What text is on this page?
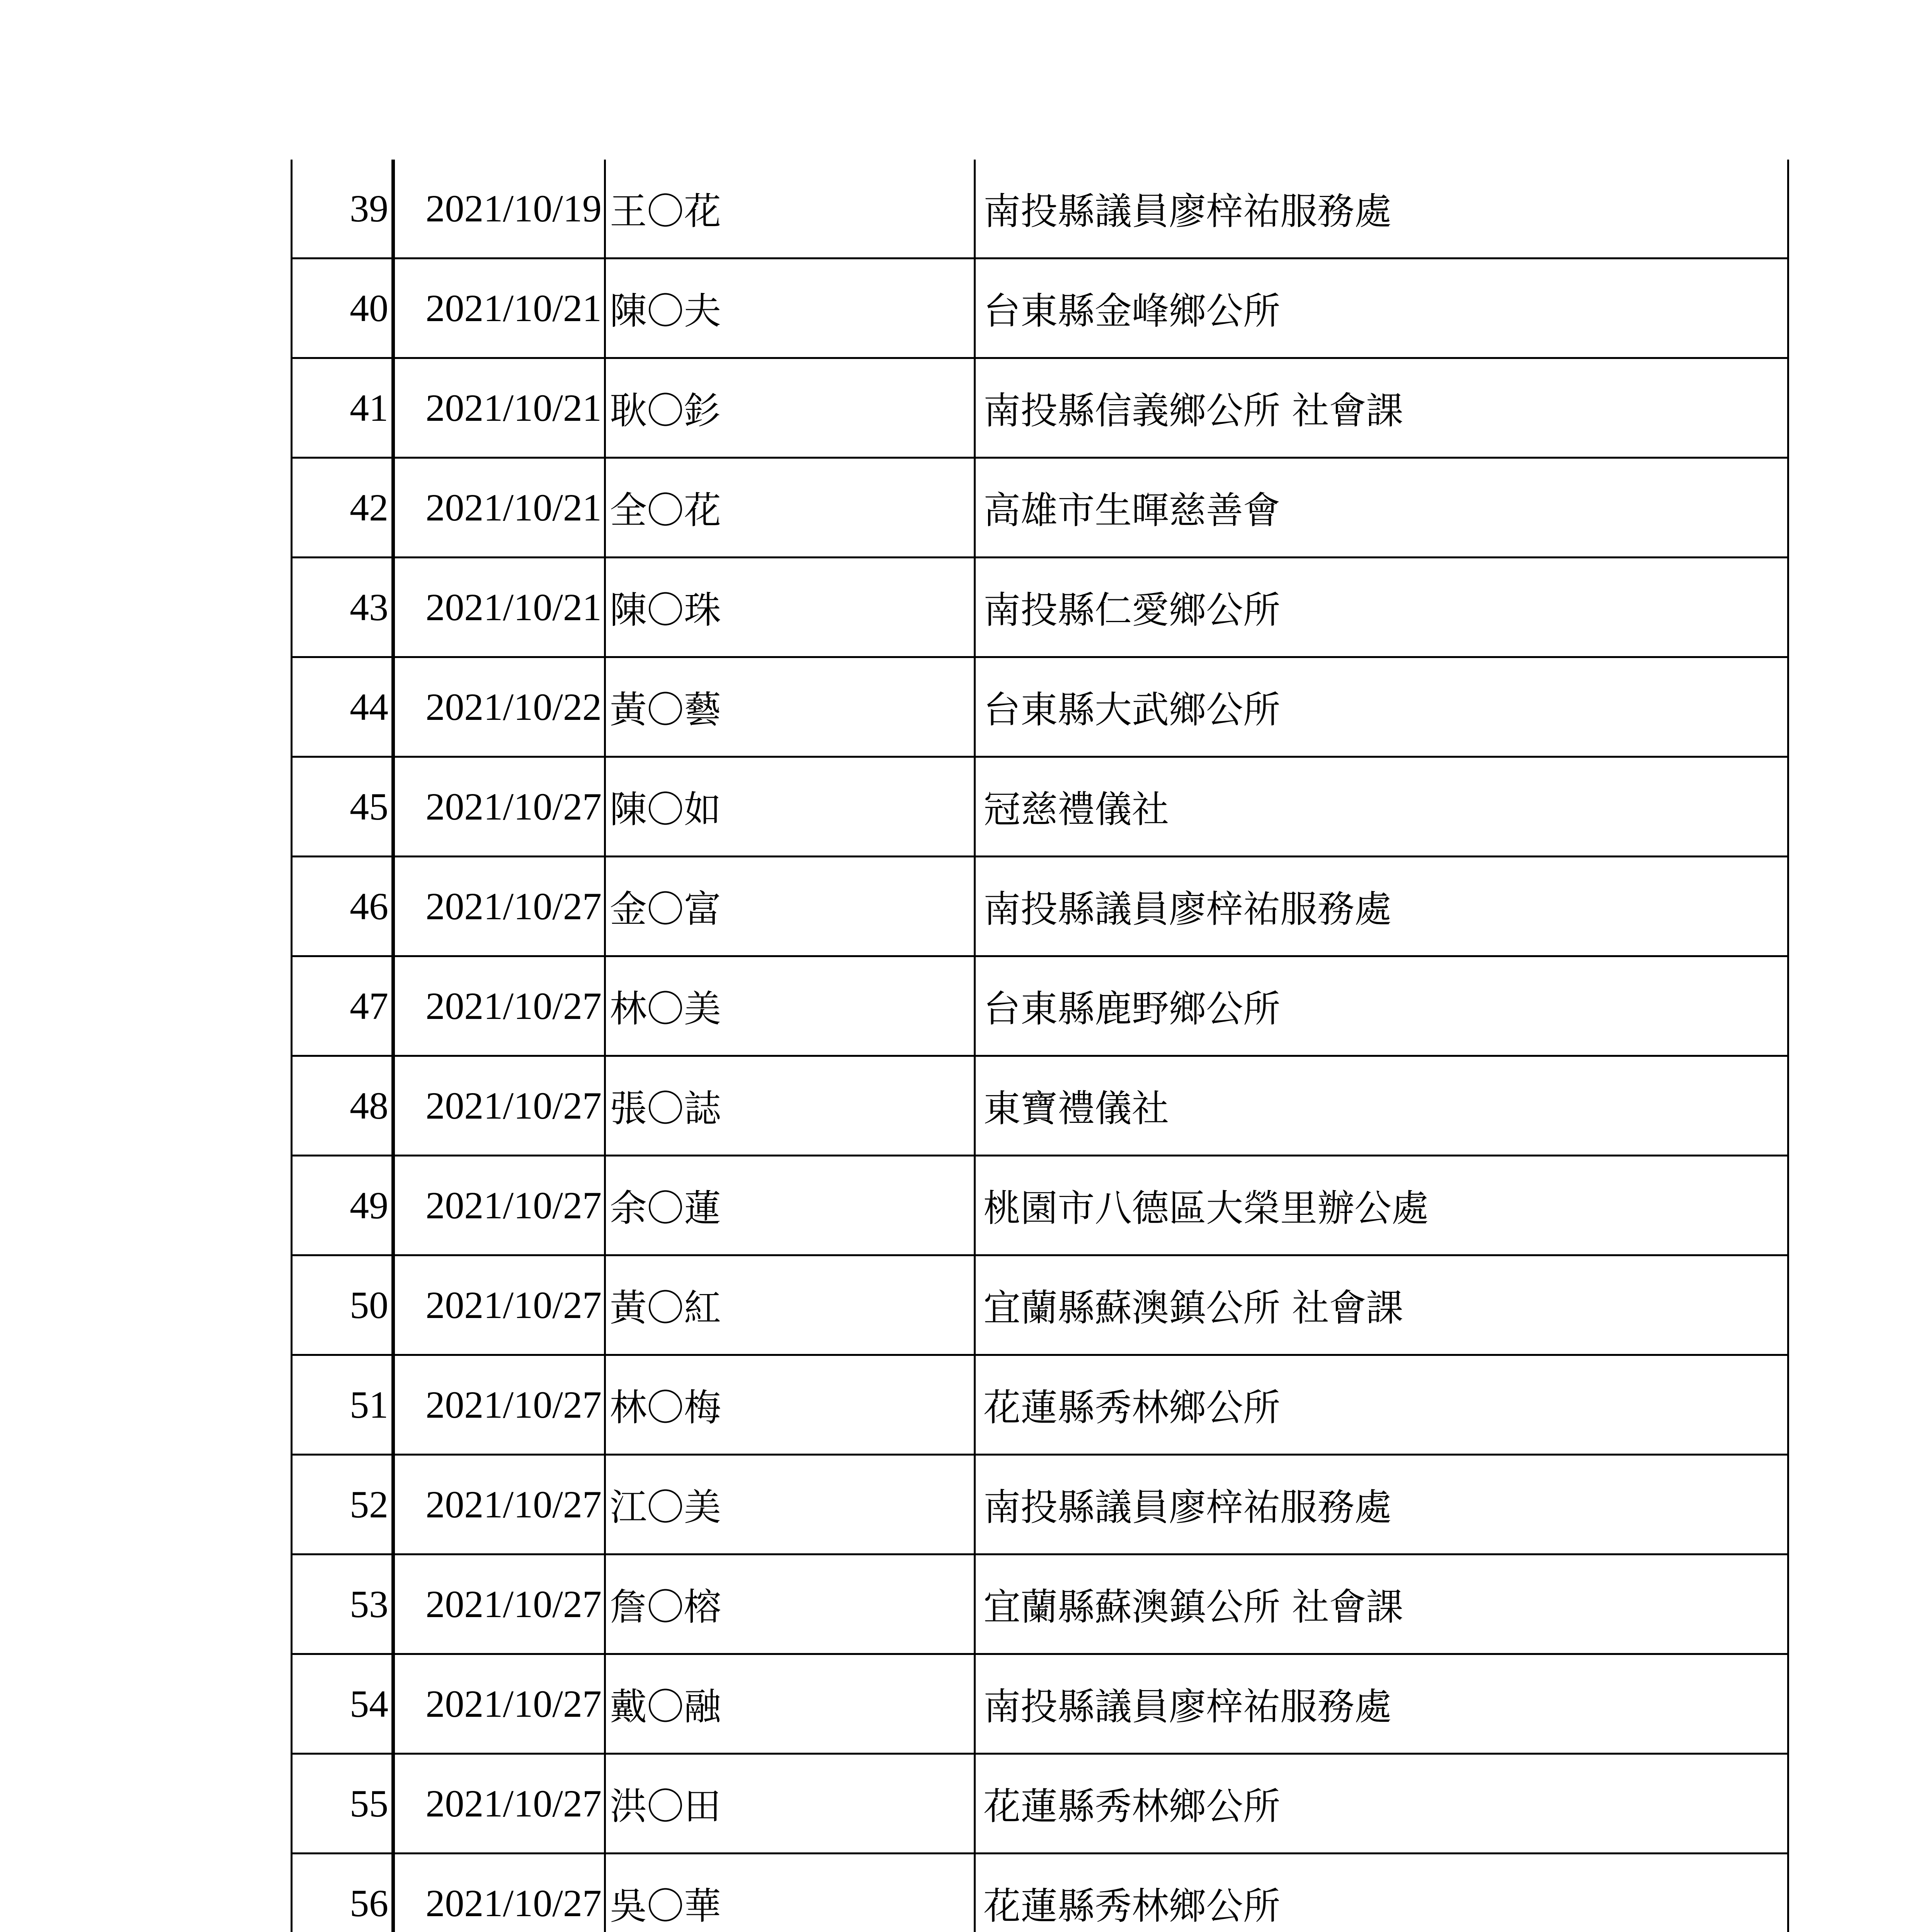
39	2021/10/19	王〇花	南投縣議員廖梓祐服務處
40	2021/10/21	陳〇夫	台東縣金峰鄉公所
41	2021/10/21	耿〇釤	南投縣信義鄉公所 社會課
42	2021/10/21	全〇花	高雄市生暉慈善會
43	2021/10/21	陳〇珠	南投縣仁愛鄉公所
44	2021/10/22	黃〇藝	台東縣大武鄉公所
45	2021/10/27	陳〇如	冠慈禮儀社
46	2021/10/27	金〇富	南投縣議員廖梓祐服務處
47	2021/10/27	林〇美	台東縣鹿野鄉公所
48	2021/10/27	張〇誌	東寶禮儀社
49	2021/10/27	余〇蓮	桃園市八德區大榮里辦公處
50	2021/10/27	黃〇紅	宜蘭縣蘇澳鎮公所 社會課
51	2021/10/27	林〇梅	花蓮縣秀林鄉公所
52	2021/10/27	江〇美	南投縣議員廖梓祐服務處
53	2021/10/27	詹〇榕	宜蘭縣蘇澳鎮公所 社會課
54	2021/10/27	戴〇融	南投縣議員廖梓祐服務處
55	2021/10/27	洪〇田	花蓮縣秀林鄉公所
56	2021/10/27	吳〇華	花蓮縣秀林鄉公所
